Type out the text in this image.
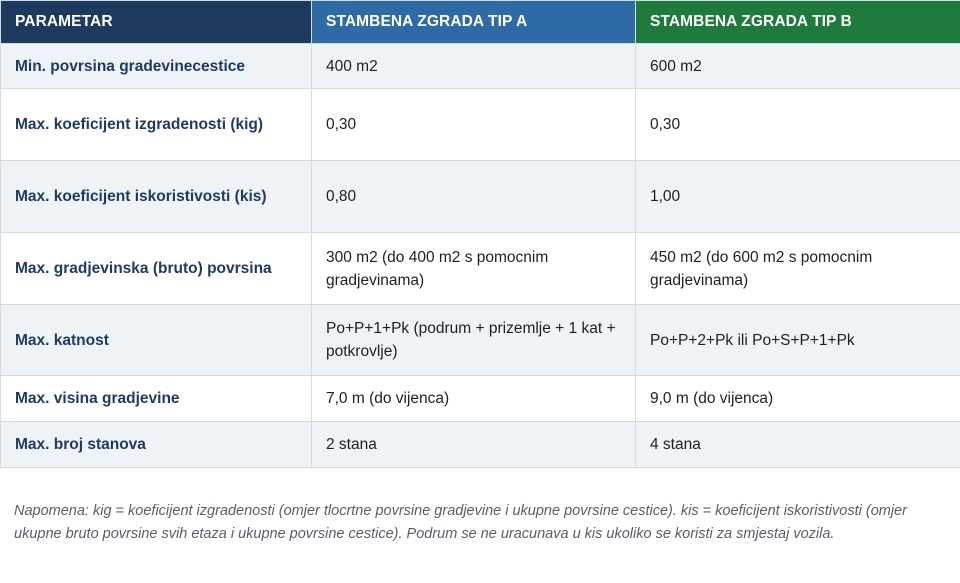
PARAMETAR	STAMBENA ZGRADA TIP A	STAMBENA ZGRADA TIP B
Min. povrsina gradevinecestice	400 m2	600 m2
Max. koeficijent izgradenosti (kig)	0,30	0,30
Max. koeficijent iskoristivosti (kis)	0,80	1,00
Max. gradjevinska (bruto) povrsina	300 m2 (do 400 m2 s pomocnim gradjevinama)	450 m2 (do 600 m2 s pomocnim gradjevinama)
Max. katnost	Po+P+1+Pk (podrum + prizemlje + 1 kat + potkrovlje)	Po+P+2+Pk ili Po+S+P+1+Pk
Max. visina gradjevine	7,0 m (do vijenca)	9,0 m (do vijenca)
Max. broj stanova	2 stana	4 stana

Napomena: kig = koeficijent izgradenosti (omjer tlocrtne povrsine gradjevine i ukupne povrsine cestice). kis = koeficijent iskoristivosti (omjer ukupne bruto povrsine svih etaza i ukupne povrsine cestice). Podrum se ne uracunava u kis ukoliko se koristi za smjestaj vozila.
